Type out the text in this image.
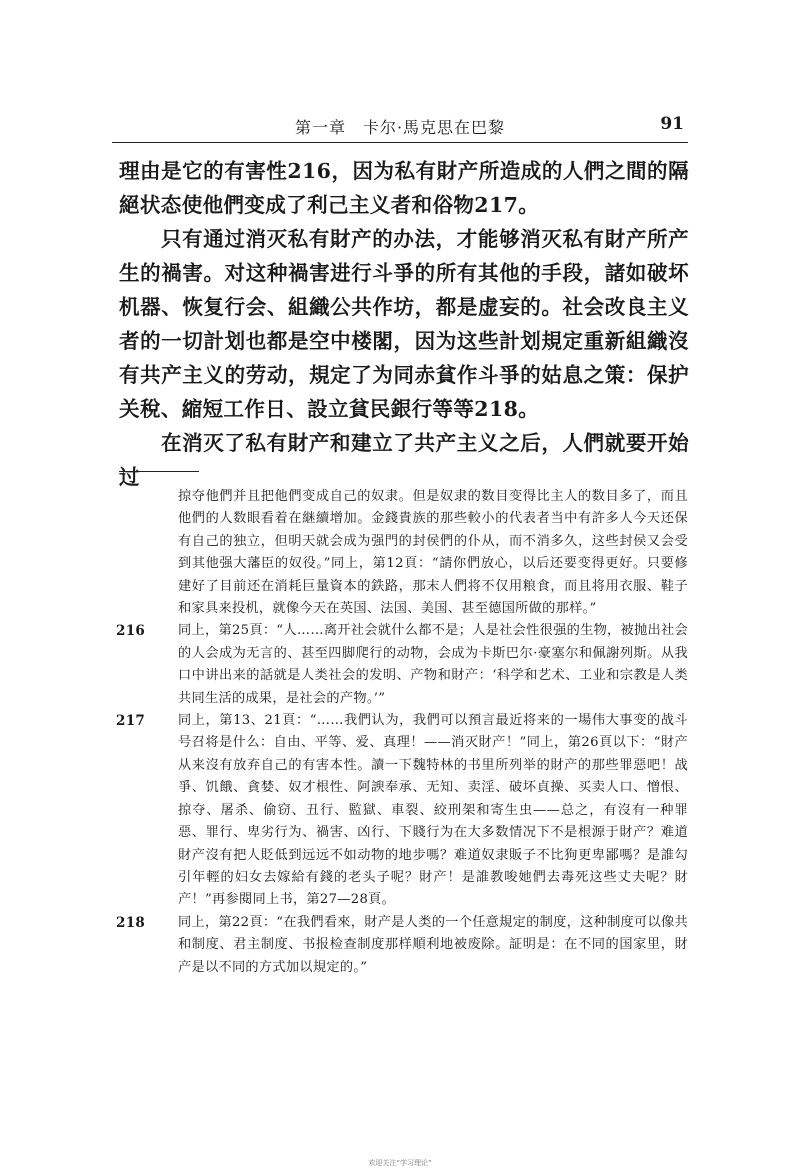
第一章　卡尔·馬克思在巴黎	91

理由是它的有害性216，因为私有財产所造成的人們之間的隔絕状态使他們变成了利己主义者和俗物217。

只有通过消灭私有財产的办法，才能够消灭私有財产所产生的禍害。对这种禍害进行斗爭的所有其他的手段，諸如破坏机器、恢复行会、組織公共作坊，都是虚妄的。社会改良主义者的一切計划也都是空中楼閣，因为这些計划規定重新組織沒有共产主义的劳动，規定了为同赤貧作斗爭的姑息之策：保护关稅、縮短工作日、設立貧民銀行等等218。

在消灭了私有財产和建立了共产主义之后，人們就要开始过

掠夺他們并且把他們变成自己的奴隶。但是奴隶的数目变得比主人的数目多了，而且他們的人数眼看着在継續增加。金錢貴族的那些較小的代表者当中有許多人今天还保有自己的独立，但明天就会成为强門的封侯們的仆从，而不消多久，这些封侯又会受到其他强大藩臣的奴役。”同上，第12頁：“請你們放心，以后还要变得更好。只要修建好了目前还在消耗巨量資本的鉄路，那末人們将不仅用粮食，而且将用衣服、鞋子和家具来投机，就像今天在英国、法国、美国、甚至德国所做的那样。”

216 同上，第25頁：“人……离开社会就什么都不是；人是社会性很强的生物，被抛出社会的人会成为无言的、甚至四脚爬行的动物，会成为卡斯巴尔·豪塞尔和佩謝列斯。从我口中讲出来的話就是人类社会的发明、产物和財产：‘科学和艺术、工业和宗教是人类共同生活的成果，是社会的产物。’”

217 同上，第13、21頁：“……我們认为，我們可以預言最近将来的一場伟大事变的战斗号召将是什么：自由、平等、爱、真理！——消灭財产！”同上，第26頁以下：“財产从来沒有放弃自己的有害本性。讀一下魏特林的书里所列举的財产的那些罪惡吧！战爭、饥餓、貪婪、奴才根性、阿諛奉承、无知、卖淫、破坏貞操、买卖人口、憎恨、掠夺、屠杀、偷窃、丑行、監獄、車裂、絞刑架和寄生虫——总之，有沒有一种罪惡、罪行、卑劣行为、禍害、凶行、下賤行为在大多数情况下不是根源于財产？难道財产沒有把人貶低到远远不如动物的地步嗎？难道奴隶販子不比狗更卑鄙嗎？是誰勾引年輕的妇女去嫁給有錢的老头子呢？財产！是誰教唆她們去毒死这些丈夫呢？財产！”再参閱同上书，第27—28頁。

218 同上，第22頁：“在我們看來，財产是人类的一个任意規定的制度，这种制度可以像共和制度、君主制度、书报检查制度那样順利地被废除。証明是：在不同的国家里，財产是以不同的方式加以規定的。”

欢迎关注“学习理论”
